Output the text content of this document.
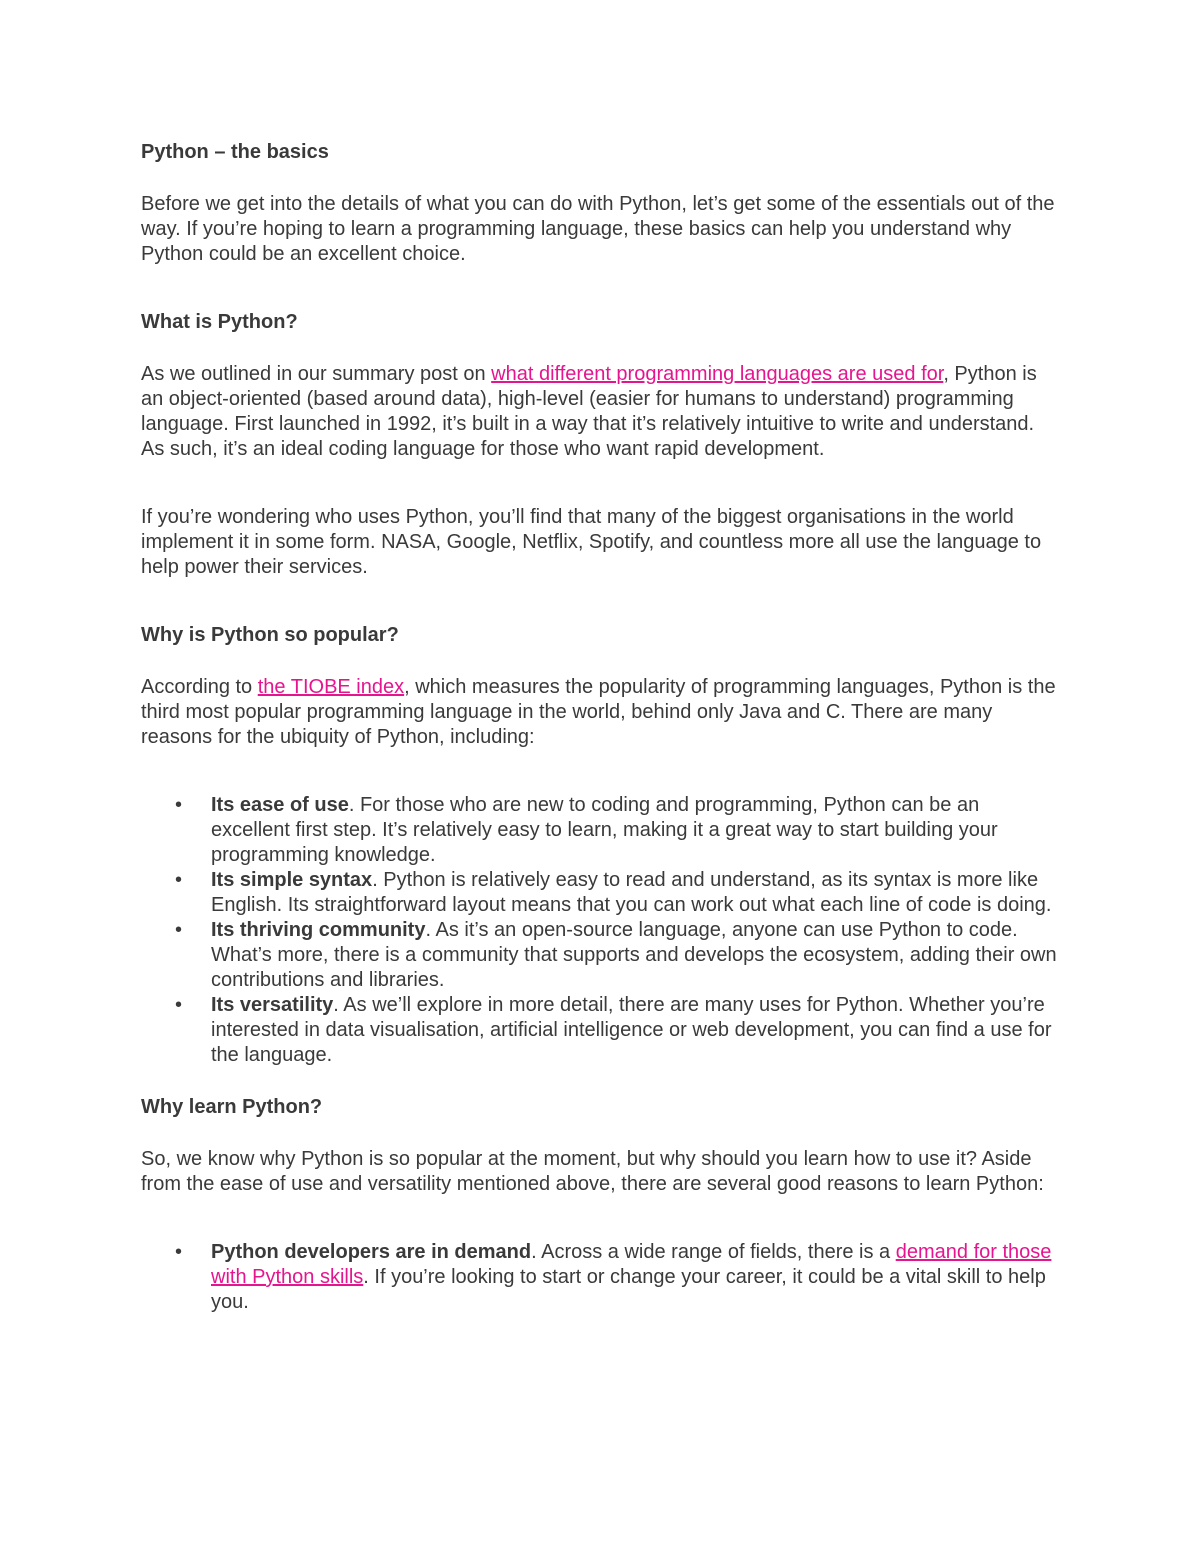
Python – the basics

Before we get into the details of what you can do with Python, let’s get some of the essentials out of the way. If you’re hoping to learn a programming language, these basics can help you understand why Python could be an excellent choice.

What is Python?

As we outlined in our summary post on what different programming languages are used for, Python is an object-oriented (based around data), high-level (easier for humans to understand) programming language. First launched in 1992, it’s built in a way that it’s relatively intuitive to write and understand. As such, it’s an ideal coding language for those who want rapid development.

If you’re wondering who uses Python, you’ll find that many of the biggest organisations in the world implement it in some form. NASA, Google, Netflix, Spotify, and countless more all use the language to help power their services.

Why is Python so popular?

According to the TIOBE index, which measures the popularity of programming languages, Python is the third most popular programming language in the world, behind only Java and C. There are many reasons for the ubiquity of Python, including:

• Its ease of use. For those who are new to coding and programming, Python can be an excellent first step. It’s relatively easy to learn, making it a great way to start building your programming knowledge.
• Its simple syntax. Python is relatively easy to read and understand, as its syntax is more like English. Its straightforward layout means that you can work out what each line of code is doing.
• Its thriving community. As it’s an open-source language, anyone can use Python to code. What’s more, there is a community that supports and develops the ecosystem, adding their own contributions and libraries.
• Its versatility. As we’ll explore in more detail, there are many uses for Python. Whether you’re interested in data visualisation, artificial intelligence or web development, you can find a use for the language.

Why learn Python?

So, we know why Python is so popular at the moment, but why should you learn how to use it? Aside from the ease of use and versatility mentioned above, there are several good reasons to learn Python:

• Python developers are in demand. Across a wide range of fields, there is a demand for those with Python skills. If you’re looking to start or change your career, it could be a vital skill to help you.
